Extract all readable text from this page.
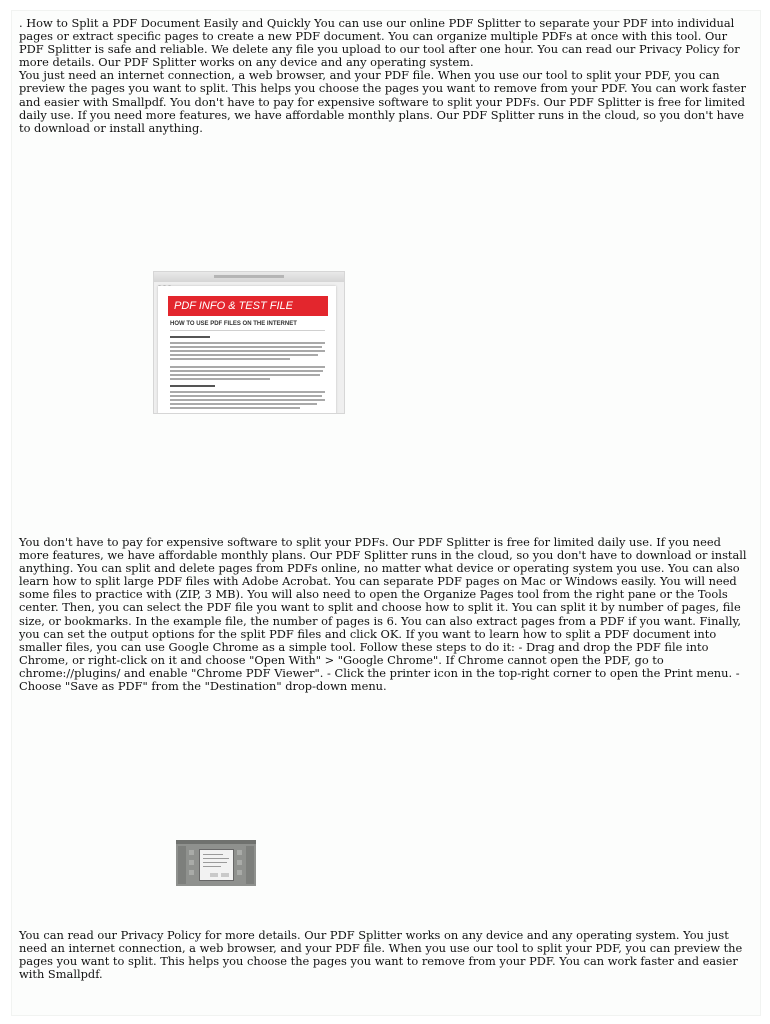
. How to Split a PDF Document Easily and Quickly You can use our online PDF Splitter to separate your PDF into individual pages or extract specific pages to create a new PDF document. You can organize multiple PDFs at once with this tool. Our PDF Splitter is safe and reliable. We delete any file you upload to our tool after one hour. You can read our Privacy Policy for more details. Our PDF Splitter works on any device and any operating system.
You just need an internet connection, a web browser, and your PDF file. When you use our tool to split your PDF, you can preview the pages you want to split. This helps you choose the pages you want to remove from your PDF. You can work faster and easier with Smallpdf. You don't have to pay for expensive software to split your PDFs. Our PDF Splitter is free for limited daily use. If you need more features, we have affordable monthly plans. Our PDF Splitter runs in the cloud, so you don't have to download or install anything.

PDF INFO & TEST FILE
HOW TO USE PDF FILES ON THE INTERNET

You don't have to pay for expensive software to split your PDFs. Our PDF Splitter is free for limited daily use. If you need more features, we have affordable monthly plans. Our PDF Splitter runs in the cloud, so you don't have to download or install anything. You can split and delete pages from PDFs online, no matter what device or operating system you use. You can also learn how to split large PDF files with Adobe Acrobat. You can separate PDF pages on Mac or Windows easily. You will need some files to practice with (ZIP, 3 MB). You will also need to open the Organize Pages tool from the right pane or the Tools center. Then, you can select the PDF file you want to split and choose how to split it. You can split it by number of pages, file size, or bookmarks. In the example file, the number of pages is 6. You can also extract pages from a PDF if you want. Finally, you can set the output options for the split PDF files and click OK. If you want to learn how to split a PDF document into smaller files, you can use Google Chrome as a simple tool. Follow these steps to do it: - Drag and drop the PDF file into Chrome, or right-click on it and choose "Open With" > "Google Chrome". If Chrome cannot open the PDF, go to chrome://plugins/ and enable "Chrome PDF Viewer". - Click the printer icon in the top-right corner to open the Print menu. - Choose "Save as PDF" from the "Destination" drop-down menu.

You can read our Privacy Policy for more details. Our PDF Splitter works on any device and any operating system. You just need an internet connection, a web browser, and your PDF file. When you use our tool to split your PDF, you can preview the pages you want to split. This helps you choose the pages you want to remove from your PDF. You can work faster and easier with Smallpdf.
